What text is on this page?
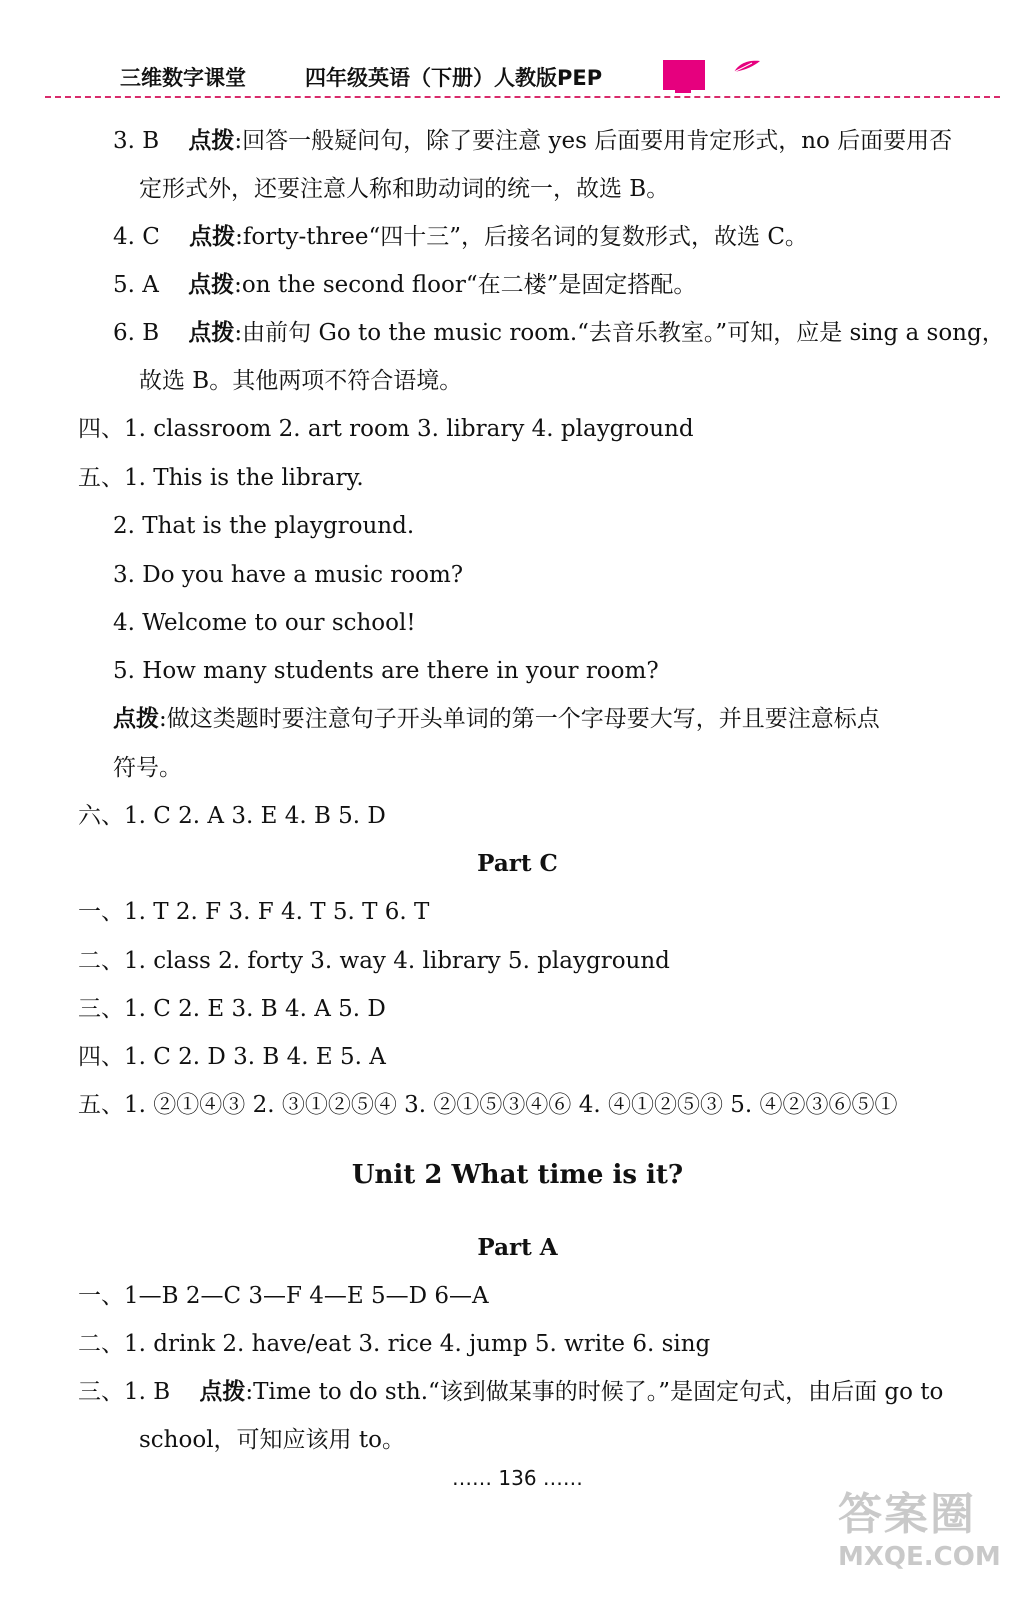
三维数字课堂	四年级英语（下册）人教版PEP
3. B 点拨:回答一般疑问句，除了要注意 yes 后面要用肯定形式，no 后面要用否
定形式外，还要注意人称和助动词的统一，故选 B。
4. C 点拨:forty-three“四十三”，后接名词的复数形式，故选 C。
5. A 点拨:on the second floor“在二楼”是固定搭配。
6. B 点拨:由前句 Go to the music room.“去音乐教室。”可知，应是 sing a song，
故选 B。其他两项不符合语境。
四、1. classroom 2. art room 3. library 4. playground
五、1. This is the library.
2. That is the playground.
3. Do you have a music room?
4. Welcome to our school!
5. How many students are there in your room?
点拨:做这类题时要注意句子开头单词的第一个字母要大写，并且要注意标点
符号。
六、1. C 2. A 3. E 4. B 5. D
Part C
一、1. T 2. F 3. F 4. T 5. T 6. T
二、1. class 2. forty 3. way 4. library 5. playground
三、1. C 2. E 3. B 4. A 5. D
四、1. C 2. D 3. B 4. E 5. A
五、1. ②①④③ 2. ③①②⑤④ 3. ②①⑤③④⑥ 4. ④①②⑤③ 5. ④②③⑥⑤①
Unit 2 What time is it?
Part A
一、1—B 2—C 3—F 4—E 5—D 6—A
二、1. drink 2. have/eat 3. rice 4. jump 5. write 6. sing
三、1. B 点拨:Time to do sth.“该到做某事的时候了。”是固定句式，由后面 go to
school，可知应该用 to。
…… 136 ……
答案圈
MXQE.COM
